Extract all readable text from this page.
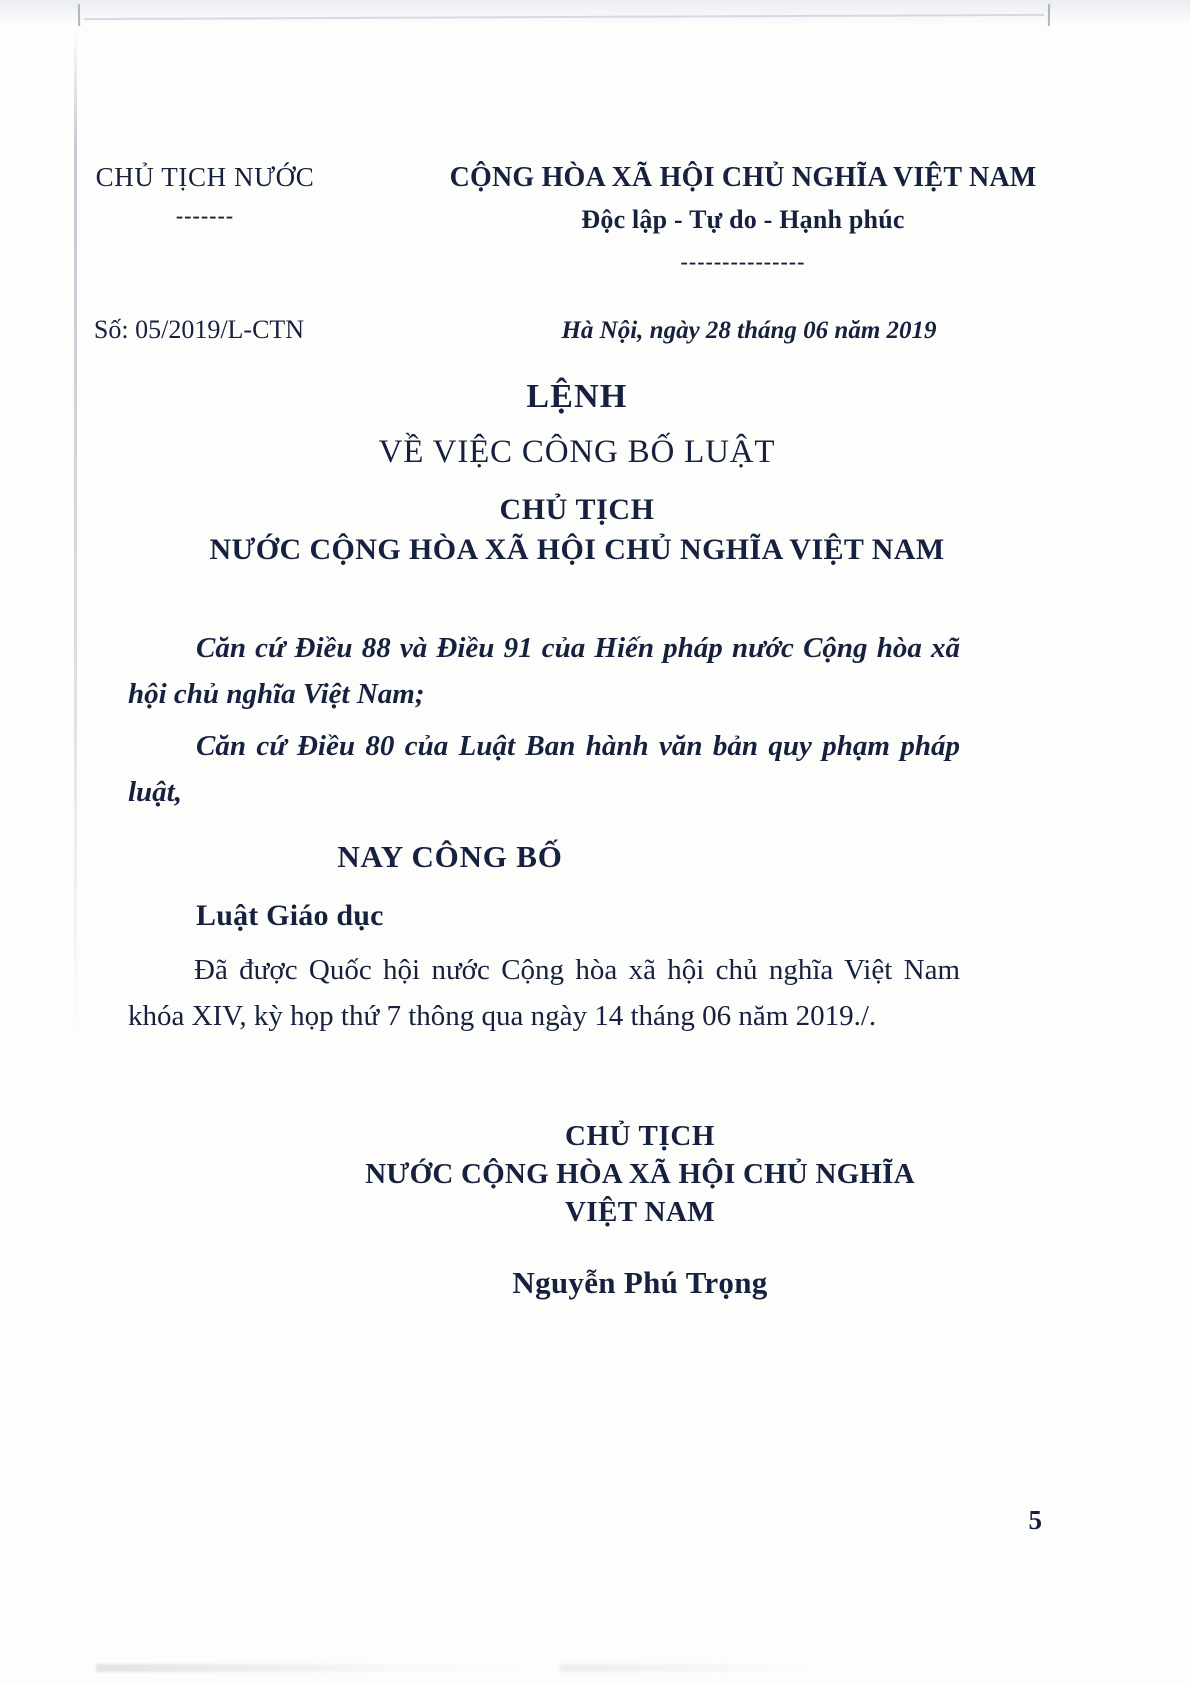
CHỦ TỊCH NƯỚC
-------
CỘNG HÒA XÃ HỘI CHỦ NGHĨA VIỆT NAM
Độc lập - Tự do - Hạnh phúc
---------------
Số: 05/2019/L-CTN	Hà Nội, ngày 28 tháng 06 năm 2019
LỆNH
VỀ VIỆC CÔNG BỐ LUẬT
CHỦ TỊCH
NƯỚC CỘNG HÒA XÃ HỘI CHỦ NGHĨA VIỆT NAM

Căn cứ Điều 88 và Điều 91 của Hiến pháp nước Cộng hòa xã hội chủ nghĩa Việt Nam;

Căn cứ Điều 80 của Luật Ban hành văn bản quy phạm pháp luật,

NAY CÔNG BỐ

Luật Giáo dục

Đã được Quốc hội nước Cộng hòa xã hội chủ nghĩa Việt Nam khóa XIV, kỳ họp thứ 7 thông qua ngày 14 tháng 06 năm 2019./.

CHỦ TỊCH
NƯỚC CỘNG HÒA XÃ HỘI CHỦ NGHĨA
VIỆT NAM
Nguyễn Phú Trọng
5
